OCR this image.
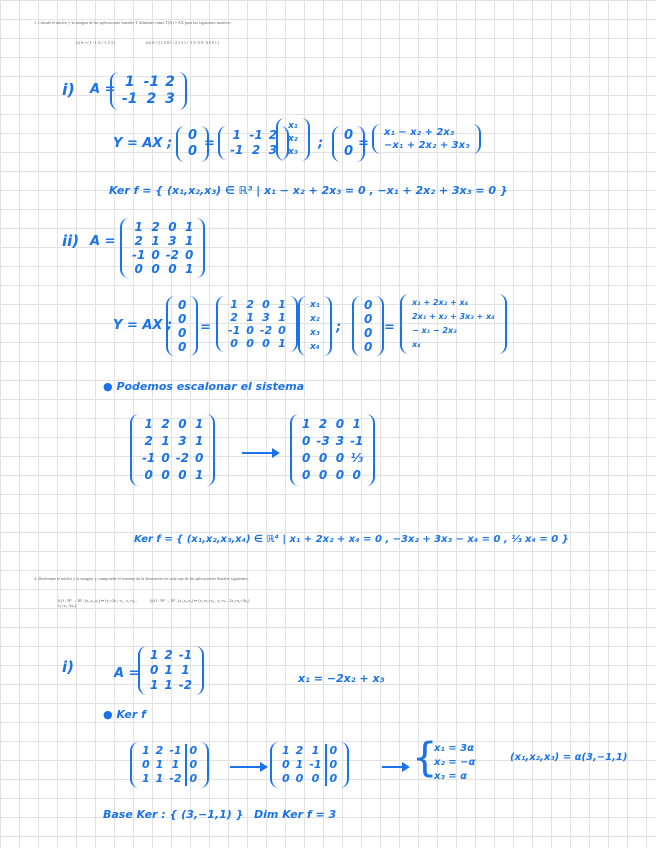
1. Calcule el núcleo y la imagen de las aplicaciones lineales T definidas como T(X) = AX para las siguientes matrices
(i) A = ( 1 -1 -2 / -1 2 3 )	(ii) A = ( 1 2 0 1 / 2 1 3 1 / -1 0 -2 0 / 0 0 0 1 )
i) A = 1	-1	2
-1	2	3
Y = AX ;
0
0
=
1	-1	2
-1	2	3
x₁
x₂
x₃
;
0
0
=
x₁ − x₂ + 2x₃
−x₁ + 2x₂ + 3x₃
Ker f = { (x₁,x₂,x₃) ∈ ℝ³ | x₁ − x₂ + 2x₃ = 0 , −x₁ + 2x₂ + 3x₃ = 0 }
ii) A =
1	2	0	1
2	1	3	1
-1	0	-2	0
0	0	0	1
Y = AX ;
0
0
0
0
=
1	2	0	1
2	1	3	1
-1	0	-2	0
0	0	0	1
x₁
x₂
x₃
x₄
;
0
0
0
0
=
x₁ + 2x₂ + x₄
2x₁ + x₂ + 3x₃ + x₄
− x₁ − 2x₃
x₄
● Podemos escalonar el sistema
1	2	0	1
2	1	3	1
-1	0	-2	0
0	0	0	1
1	2	0	1
0	-3	3	-1
0	0	0	⅓
0	0	0	0
Ker f = { (x₁,x₂,x₃,x₄) ∈ ℝ⁴ | x₁ + 2x₂ + x₄ = 0 , −3x₂ + 3x₃ − x₄ = 0 , ⅓ x₄ = 0 }
4. Determine el núcleo y la imagen, y compruebe el teorema de la dimensión en cada una de las aplicaciones lineales siguientes:
(i) f : ℝ³ → ℝ³ , (x₁,x₂,x₃) ↦ (x₁+2x₂−x₃ , x₂+x₃ , x₁+x₂−2x₃)
(ii) f : ℝ³ → ℝ³ , (x₁,x₂,x₃) ↦ (x₁+x₂+x₃ , x₂+x₃ , 2x₁+x₂+3x₃)
i)	A =
1	2	-1
0	1	1
1	1	-2	x₁ = −2x₂ + x₃
● Ker f
1	2	-1	0
0	1	1	0
1	1	-2	0
1	2	1	0
0	1	-1	0
0	0	0	0 {
x₁ = 3α
x₂ = −α
x₃ = α
(x₁,x₂,x₃) = α(3,−1,1)
Base Ker : { (3,−1,1) } Dim Ker f = 3
